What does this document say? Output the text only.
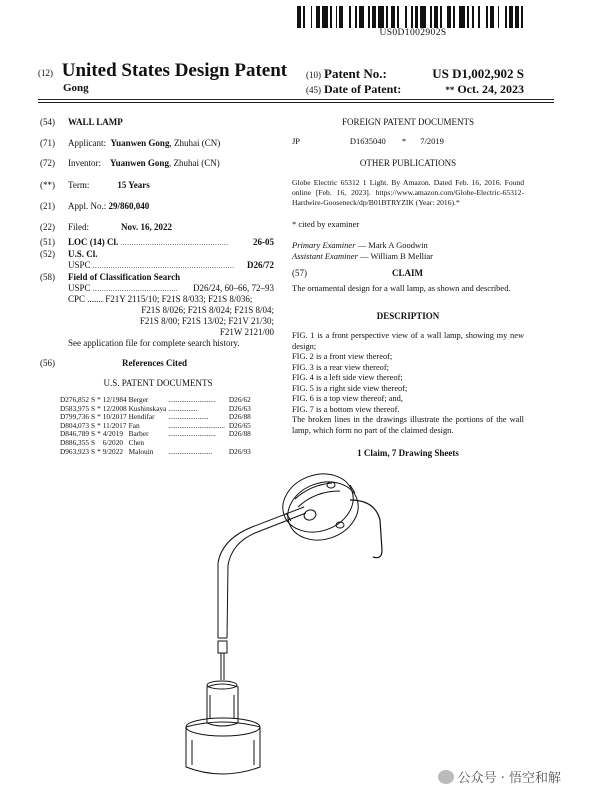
US0D1002902S
(12) United States Design Patent
Gong
(10) Patent No.:	US D1,002,902 S
(45) Date of Patent:	** Oct. 24, 2023
(54) WALL LAMP
(71) Applicant: Yuanwen Gong, Zhuhai (CN)
(72) Inventor: Yuanwen Gong, Zhuhai (CN)
(**) Term:	15 Years
(21) Appl. No.: 29/860,040
(22) Filed:	Nov. 16, 2022
(51) LOC (14) Cl. ................................................	26-05
(52) U.S. Cl.
USPC ............................................................... D26/72
(58) Field of Classification Search
USPC ...................................... D26/24, 60–66, 72–93
CPC ....... F21Y 2115/10; F21S 8/033; F21S 8/036;
F21S 8/026; F21S 8/024; F21S 8/04;
F21S 8/00; F21S 13/02; F21V 21/30;
F21W 2121/00
See application file for complete search history.
(56)	References Cited
U.S. PATENT DOCUMENTS
D276,852	S	*	12/1984	Berger	..........................	D26/62
D583,975	S	*	12/2008	Kushinskaya	................	D26/63
D799,736	S	*	10/2017	Hendifar	......................	D26/88
D804,073	S	*	11/2017	Fan	...............................	D26/65
D846,789	S	*	4/2019	Barber	..........................	D26/88
D886,355	S		6/2020	Chen		
D963,923	S	*	9/2022	Malouin	........................	D26/93
FOREIGN PATENT DOCUMENTS
JP	D1635040 * 7/2019
OTHER PUBLICATIONS
Globe Electric 65312 1 Light. By Amazon. Dated Feb. 16, 2016. Found online [Feb. 16, 2023]. https://www.amazon.com/Globe-Electric-65312-Hardwire-Gooseneck/dp/B01BTRYZIK (Year: 2016).*
* cited by examiner
Primary Examiner — Mark A Goodwin
Assistant Examiner — William B Melliar
(57)	CLAIM
The ornamental design for a wall lamp, as shown and described.
DESCRIPTION
FIG. 1 is a front perspective view of a wall lamp, showing my new design;
FIG. 2 is a front view thereof;
FIG. 3 is a rear view thereof;
FIG. 4 is a left side view thereof;
FIG. 5 is a right side view thereof;
FIG. 6 is a top view thereof; and,
FIG. 7 is a bottom view thereof.
The broken lines in the drawings illustrate the portions of the wall lamp, which form no part of the claimed design.
1 Claim, 7 Drawing Sheets
公众号 · 悟空和解
